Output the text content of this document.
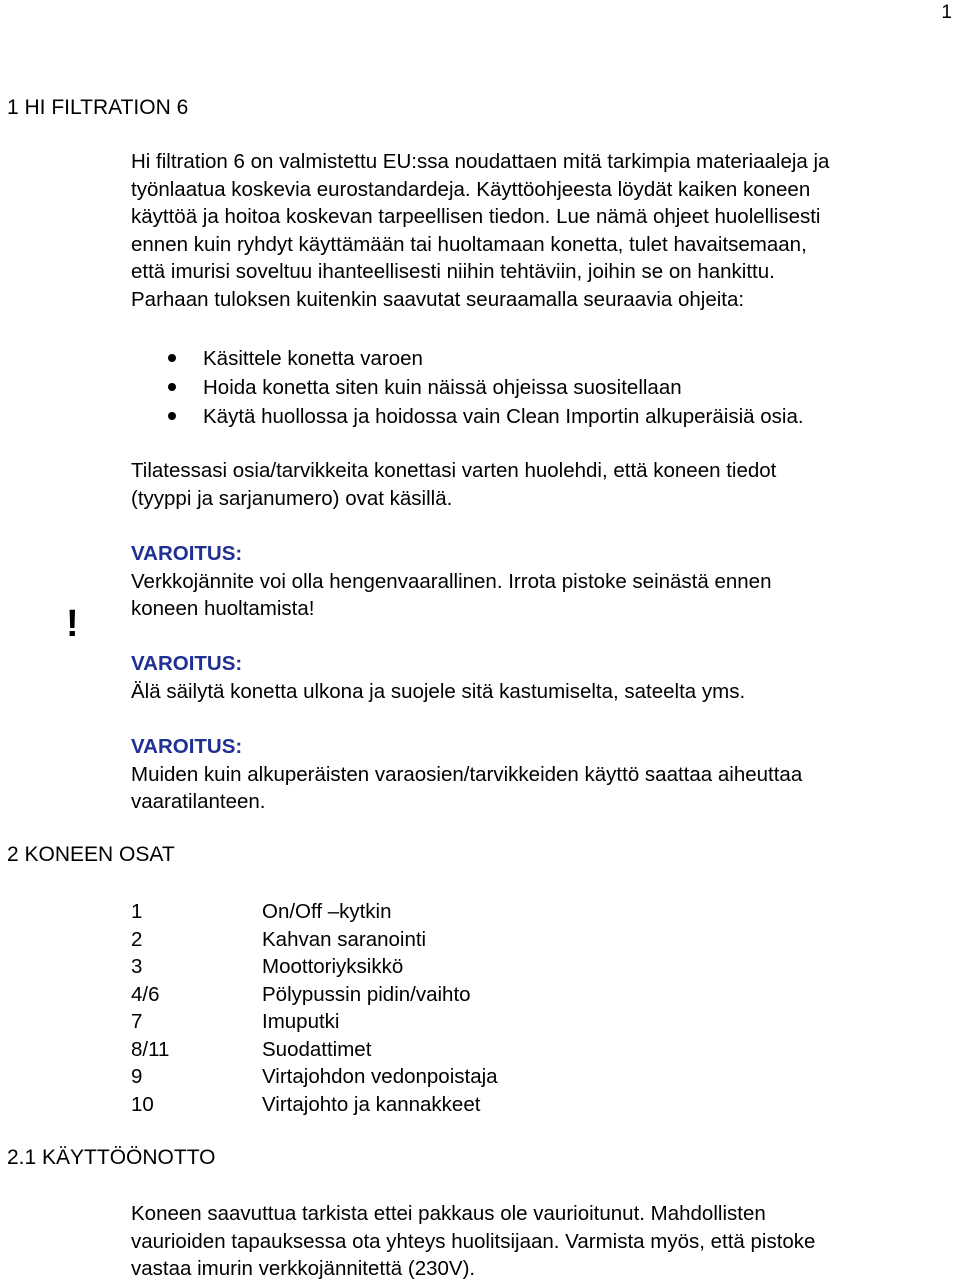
1
1 HI FILTRATION 6
Hi filtration 6 on valmistettu EU:ssa noudattaen mitä tarkimpia materiaaleja ja
työnlaatua koskevia eurostandardeja. Käyttöohjeesta löydät kaiken koneen
käyttöä ja hoitoa koskevan tarpeellisen tiedon. Lue nämä ohjeet huolellisesti
ennen kuin ryhdyt käyttämään tai huoltamaan konetta, tulet havaitsemaan,
että imurisi soveltuu ihanteellisesti niihin tehtäviin, joihin se on hankittu.
Parhaan tuloksen kuitenkin saavutat seuraamalla seuraavia ohjeita:
Käsittele konetta varoen
Hoida konetta siten kuin näissä ohjeissa suositellaan
Käytä huollossa ja hoidossa vain Clean Importin alkuperäisiä osia.
Tilatessasi osia/tarvikkeita konettasi varten huolehdi, että koneen tiedot
(tyyppi ja sarjanumero) ovat käsillä.
!
VAROITUS:
Verkkojännite voi olla hengenvaarallinen. Irrota pistoke seinästä ennen
koneen huoltamista!
VAROITUS:
Älä säilytä konetta ulkona ja suojele sitä kastumiselta, sateelta yms.
VAROITUS:
Muiden kuin alkuperäisten varaosien/tarvikkeiden käyttö saattaa aiheuttaa
vaaratilanteen.
2 KONEEN OSAT
1	On/Off –kytkin
2	Kahvan saranointi
3	Moottoriyksikkö
4/6	Pölypussin pidin/vaihto
7	Imuputki
8/11	Suodattimet
9	Virtajohdon vedonpoistaja
10	Virtajohto ja kannakkeet
2.1 KÄYTTÖÖNOTTO
Koneen saavuttua tarkista ettei pakkaus ole vaurioitunut. Mahdollisten
vaurioiden tapauksessa ota yhteys huolitsijaan. Varmista myös, että pistoke
vastaa imurin verkkojännitettä (230V).
